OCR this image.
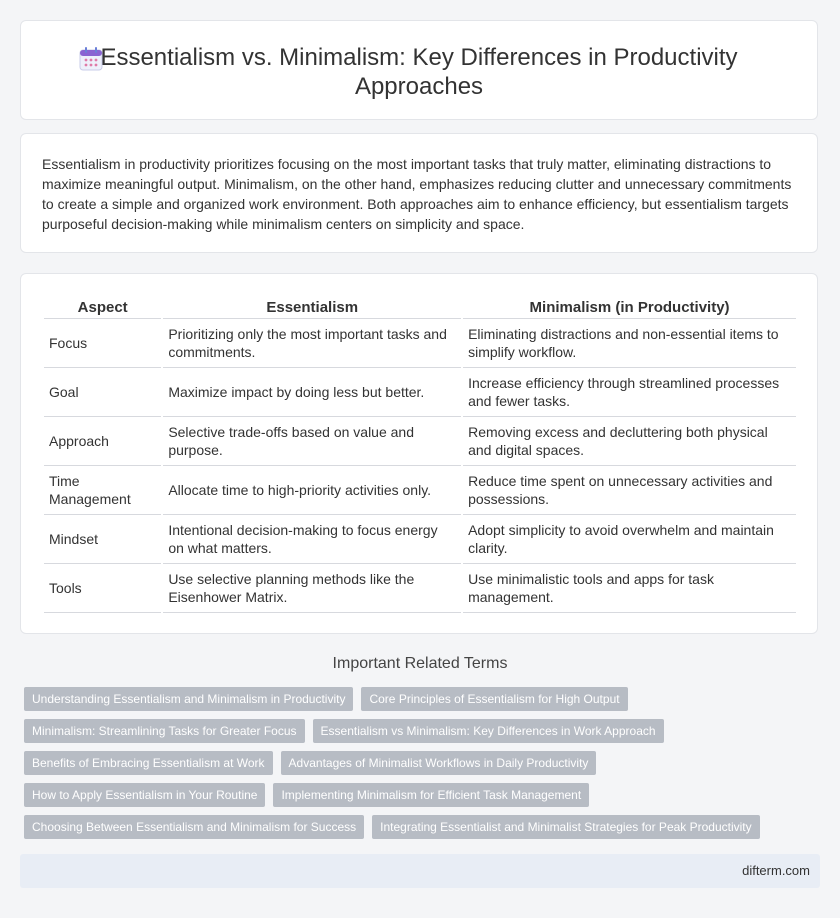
Essentialism vs. Minimalism: Key Differences in Productivity Approaches
Essentialism in productivity prioritizes focusing on the most important tasks that truly matter, eliminating distractions to maximize meaningful output. Minimalism, on the other hand, emphasizes reducing clutter and unnecessary commitments to create a simple and organized work environment. Both approaches aim to enhance efficiency, but essentialism targets purposeful decision-making while minimalism centers on simplicity and space.
Aspect	Essentialism	Minimalism (in Productivity)
Focus	Prioritizing only the most important tasks and commitments.	Eliminating distractions and non-essential items to simplify workflow.
Goal	Maximize impact by doing less but better.	Increase efficiency through streamlined processes and fewer tasks.
Approach	Selective trade-offs based on value and purpose.	Removing excess and decluttering both physical and digital spaces.
Time Management	Allocate time to high-priority activities only.	Reduce time spent on unnecessary activities and possessions.
Mindset	Intentional decision-making to focus energy on what matters.	Adopt simplicity to avoid overwhelm and maintain clarity.
Tools	Use selective planning methods like the Eisenhower Matrix.	Use minimalistic tools and apps for task management.
Important Related Terms
Understanding Essentialism and Minimalism in Productivity	Core Principles of Essentialism for High Output
Minimalism: Streamlining Tasks for Greater Focus	Essentialism vs Minimalism: Key Differences in Work Approach
Benefits of Embracing Essentialism at Work	Advantages of Minimalist Workflows in Daily Productivity
How to Apply Essentialism in Your Routine	Implementing Minimalism for Efficient Task Management
Choosing Between Essentialism and Minimalism for Success	Integrating Essentialist and Minimalist Strategies for Peak Productivity
difterm.com
